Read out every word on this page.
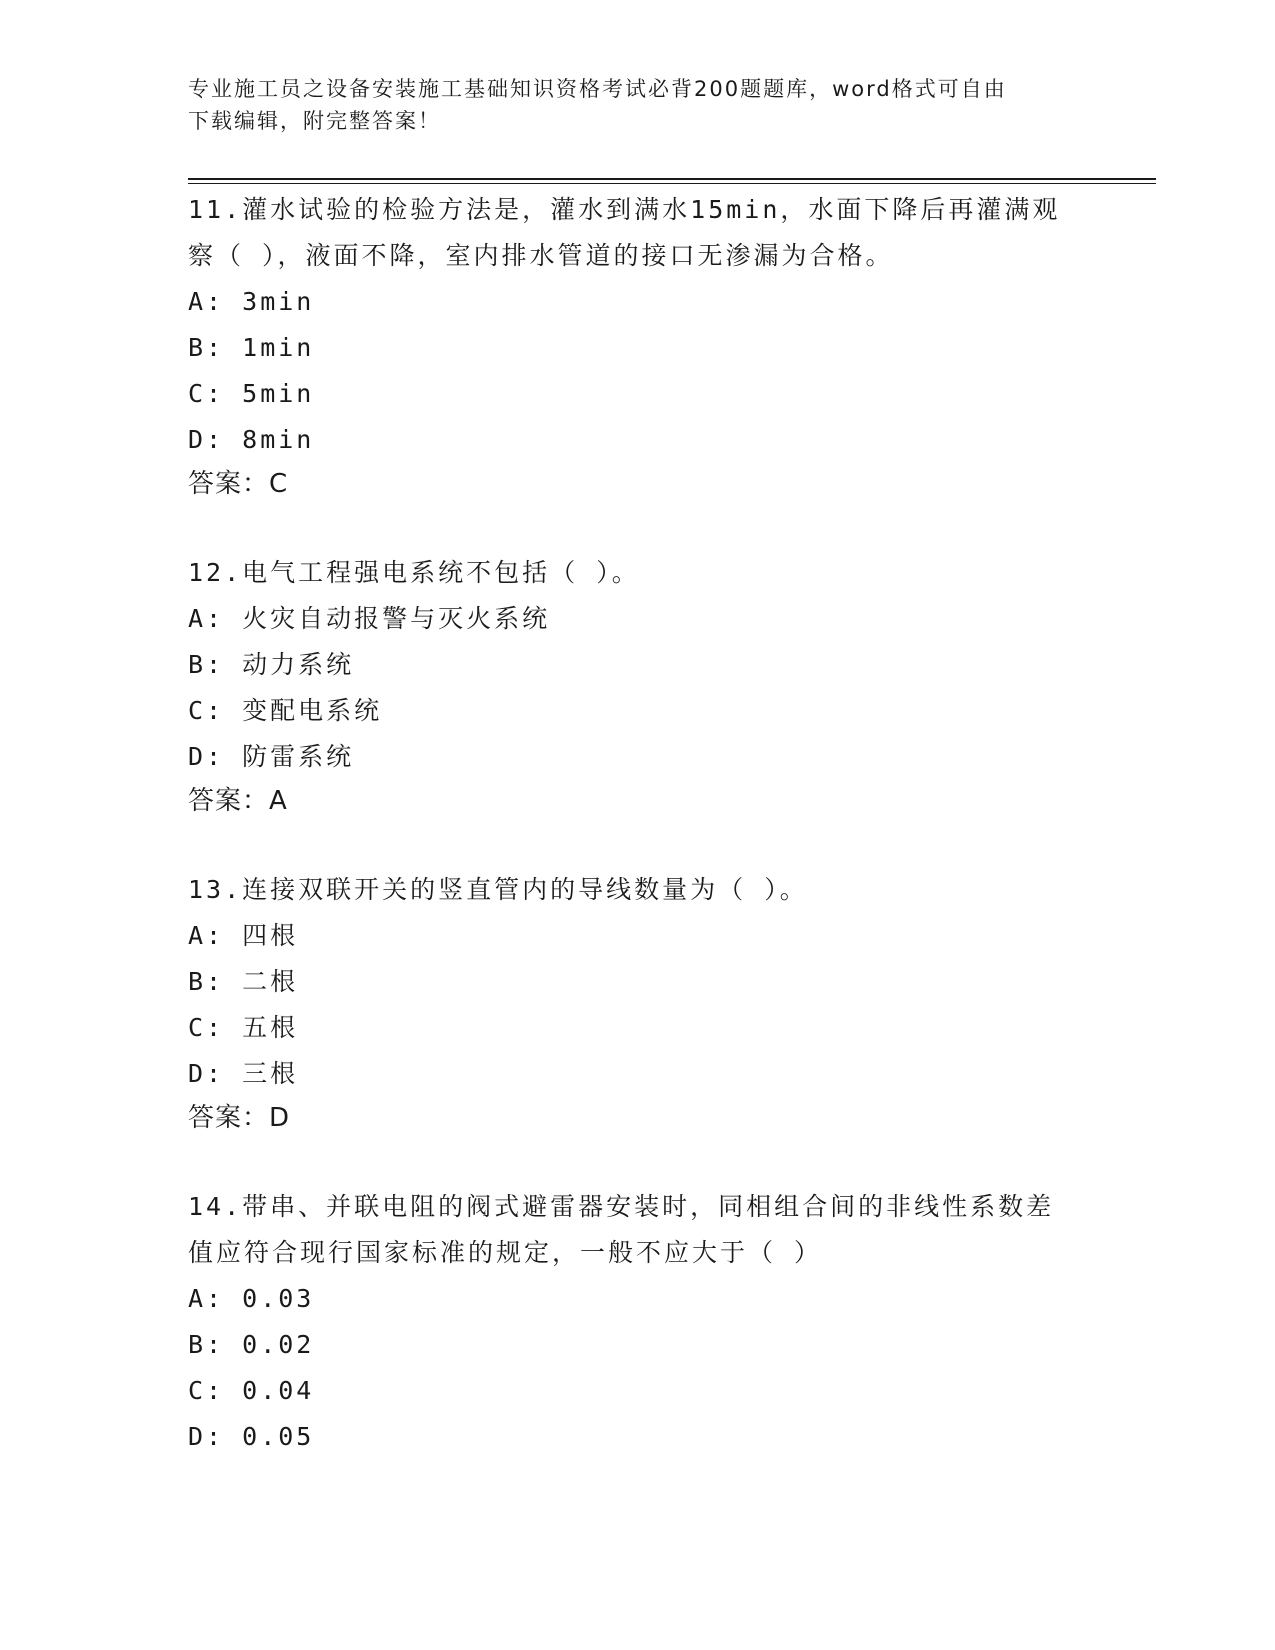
专业施工员之设备安装施工基础知识资格考试必背200题题库，word格式可自由
下载编辑，附完整答案！

11.灌水试验的检验方法是，灌水到满水15min，水面下降后再灌满观

察（ ），液面不降，室内排水管道的接口无渗漏为合格。

A: 3min

B: 1min

C: 5min

D: 8min

答案：C

12.电气工程强电系统不包括（ ）。

A: 火灾自动报警与灭火系统

B: 动力系统

C: 变配电系统

D: 防雷系统

答案：A

13.连接双联开关的竖直管内的导线数量为（ ）。

A: 四根

B: 二根

C: 五根

D: 三根

答案：D

14.带串、并联电阻的阀式避雷器安装时，同相组合间的非线性系数差

值应符合现行国家标准的规定，一般不应大于（ ）

A: 0.03

B: 0.02

C: 0.04

D: 0.05
